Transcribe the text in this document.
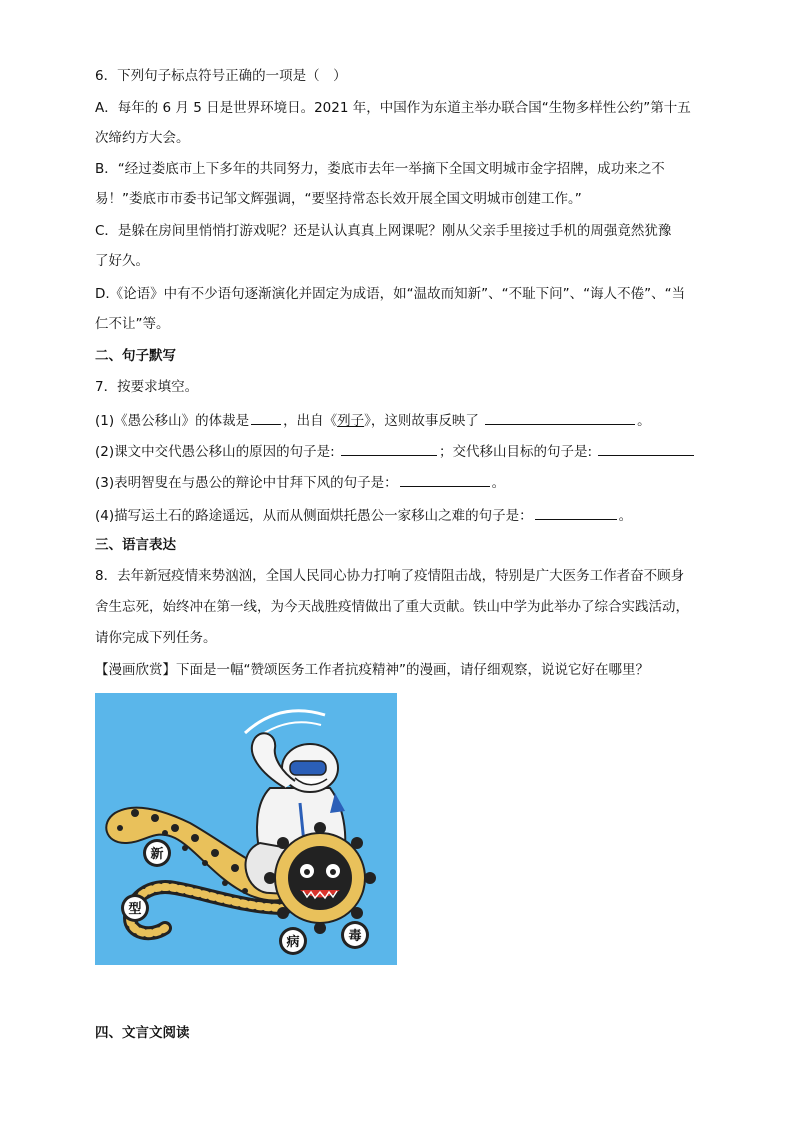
6．下列句子标点符号正确的一项是（　）
A．每年的 6 月 5 日是世界环境日。2021 年，中国作为东道主举办联合国“生物多样性公约”第十五
次缔约方大会。
B．“经过娄底市上下多年的共同努力，娄底市去年一举摘下全国文明城市金字招牌，成功来之不
易！”娄底市市委书记邹文辉强调，“要坚持常态长效开展全国文明城市创建工作。”
C．是躲在房间里悄悄打游戏呢？还是认认真真上网课呢？刚从父亲手里接过手机的周强竟然犹豫
了好久。
D.《论语》中有不少语句逐渐演化并固定为成语，如“温故而知新”、“不耻下问”、“诲人不倦”、“当
仁不让”等。
二、句子默写
7．按要求填空。
(1)《愚公移山》的体裁是	，出自《列子》，这则故事反映了	。
(2)课文中交代愚公移山的原因的句子是:	；交代移山目标的句子是:
(3)表明智叟在与愚公的辩论中甘拜下风的句子是：	。
(4)描写运土石的路途遥远，从而从侧面烘托愚公一家移山之难的句子是：	。
三、语言表达
8．去年新冠疫情来势汹汹，全国人民同心协力打响了疫情阻击战，特别是广大医务工作者奋不顾身
舍生忘死，始终冲在第一线，为今天战胜疫情做出了重大贡献。铁山中学为此举办了综合实践活动，
请你完成下列任务。
【漫画欣赏】下面是一幅“赞颂医务工作者抗疫精神”的漫画，请仔细观察，说说它好在哪里？
新
型
病	毒
四、文言文阅读
